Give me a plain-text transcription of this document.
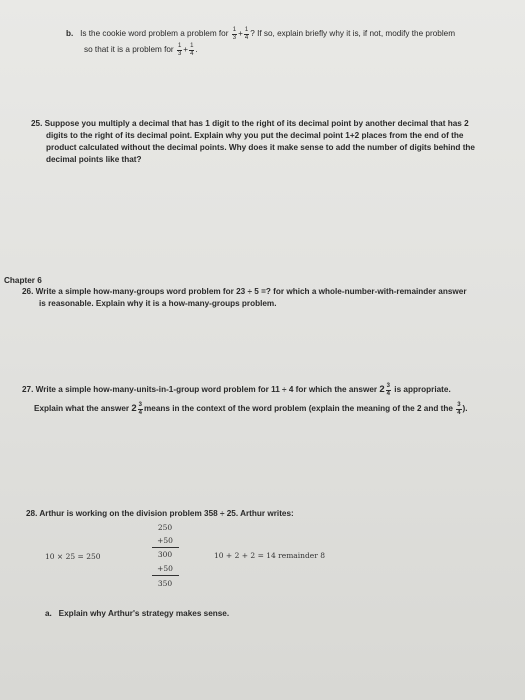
b. Is the cookie word problem a problem for $\frac{1}{3} + \frac{1}{4}$ ? If so, explain briefly why it is, if not, modify the problem
so that it is a problem for $\frac{1}{3} + \frac{1}{4}$ .
25. Suppose you multiply a decimal that has 1 digit to the right of its decimal point by another decimal that has 2
digits to the right of its decimal point. Explain why you put the decimal point 1+2 places from the end of the
product calculated without the decimal points. Why does it make sense to add the number of digits behind the
decimal points like that?
Chapter 6
26. Write a simple how-many-groups word problem for 23 ÷ 5 =? for which a whole-number-with-remainder answer
is reasonable. Explain why it is a how-many-groups problem.
27. Write a simple how-many-units-in-1-group word problem for 11 ÷ 4 for which the answer $2 \frac{3}{4}$ is appropriate.
Explain what the answer $2 \frac{3}{4}$ means in the context of the word problem (explain the meaning of the 2 and the $\frac{3}{4}$ ).
28. Arthur is working on the division problem 358 ÷ 25. Arthur writes:
10 × 25 = 250
250
+50
300
+50
350
10 + 2 + 2 = 14 remainder 8
a. Explain why Arthur's strategy makes sense.
